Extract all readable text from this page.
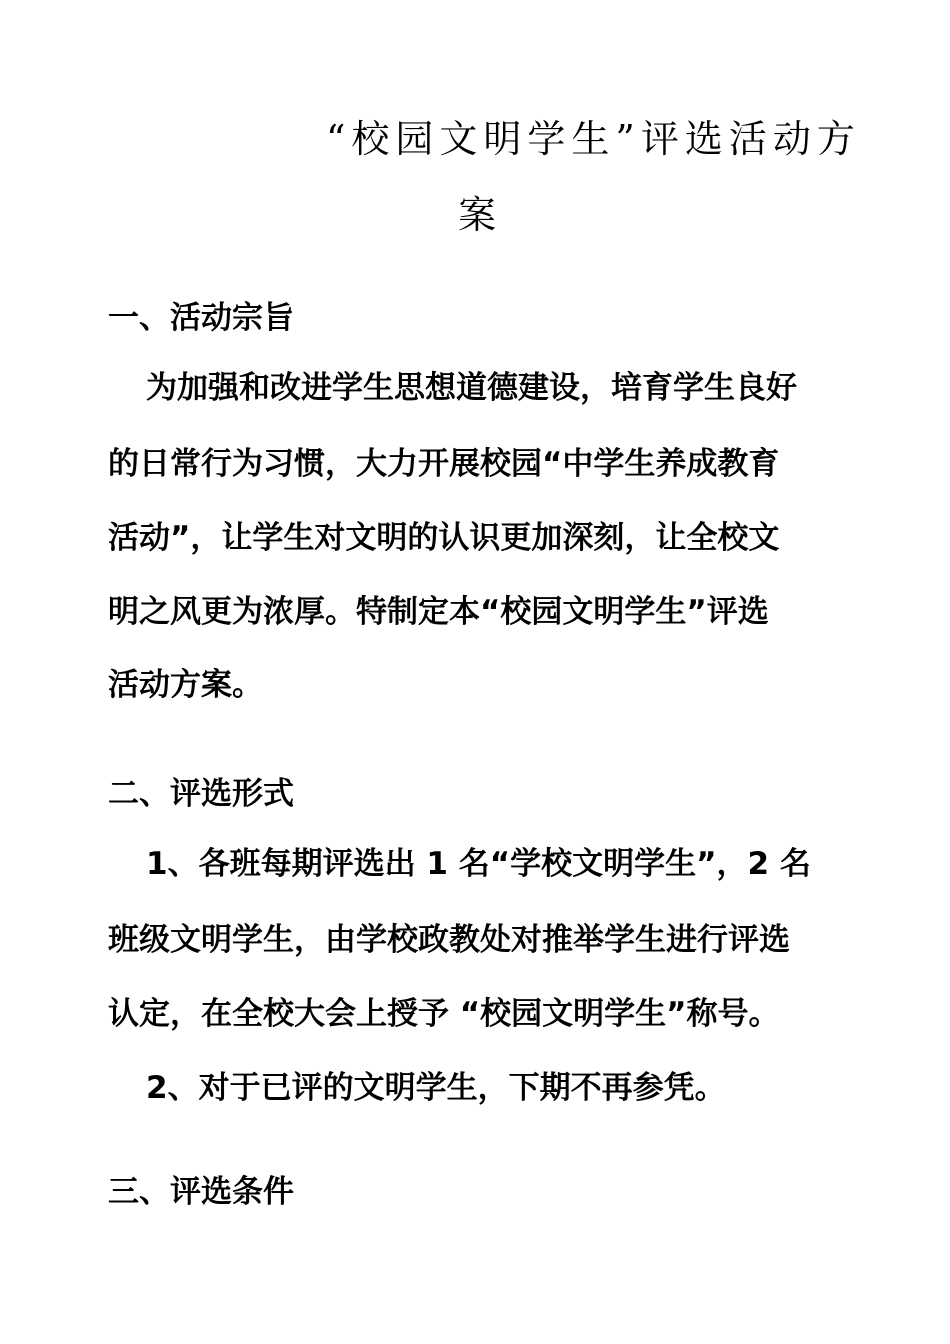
“校园文明学生”评选活动方
案
一、活动宗旨

为加强和改进学生思想道德建设，培育学生良好

的日常行为习惯，大力开展校园“中学生养成教育

活动”，让学生对文明的认识更加深刻，让全校文

明之风更为浓厚。特制定本“校园文明学生”评选

活动方案。

二、评选形式

1、各班每期评选出 1 名“学校文明学生”，2 名

班级文明学生，由学校政教处对推举学生进行评选

认定，在全校大会上授予 “校园文明学生”称号。

2、对于已评的文明学生，下期不再参凭。

三、评选条件
